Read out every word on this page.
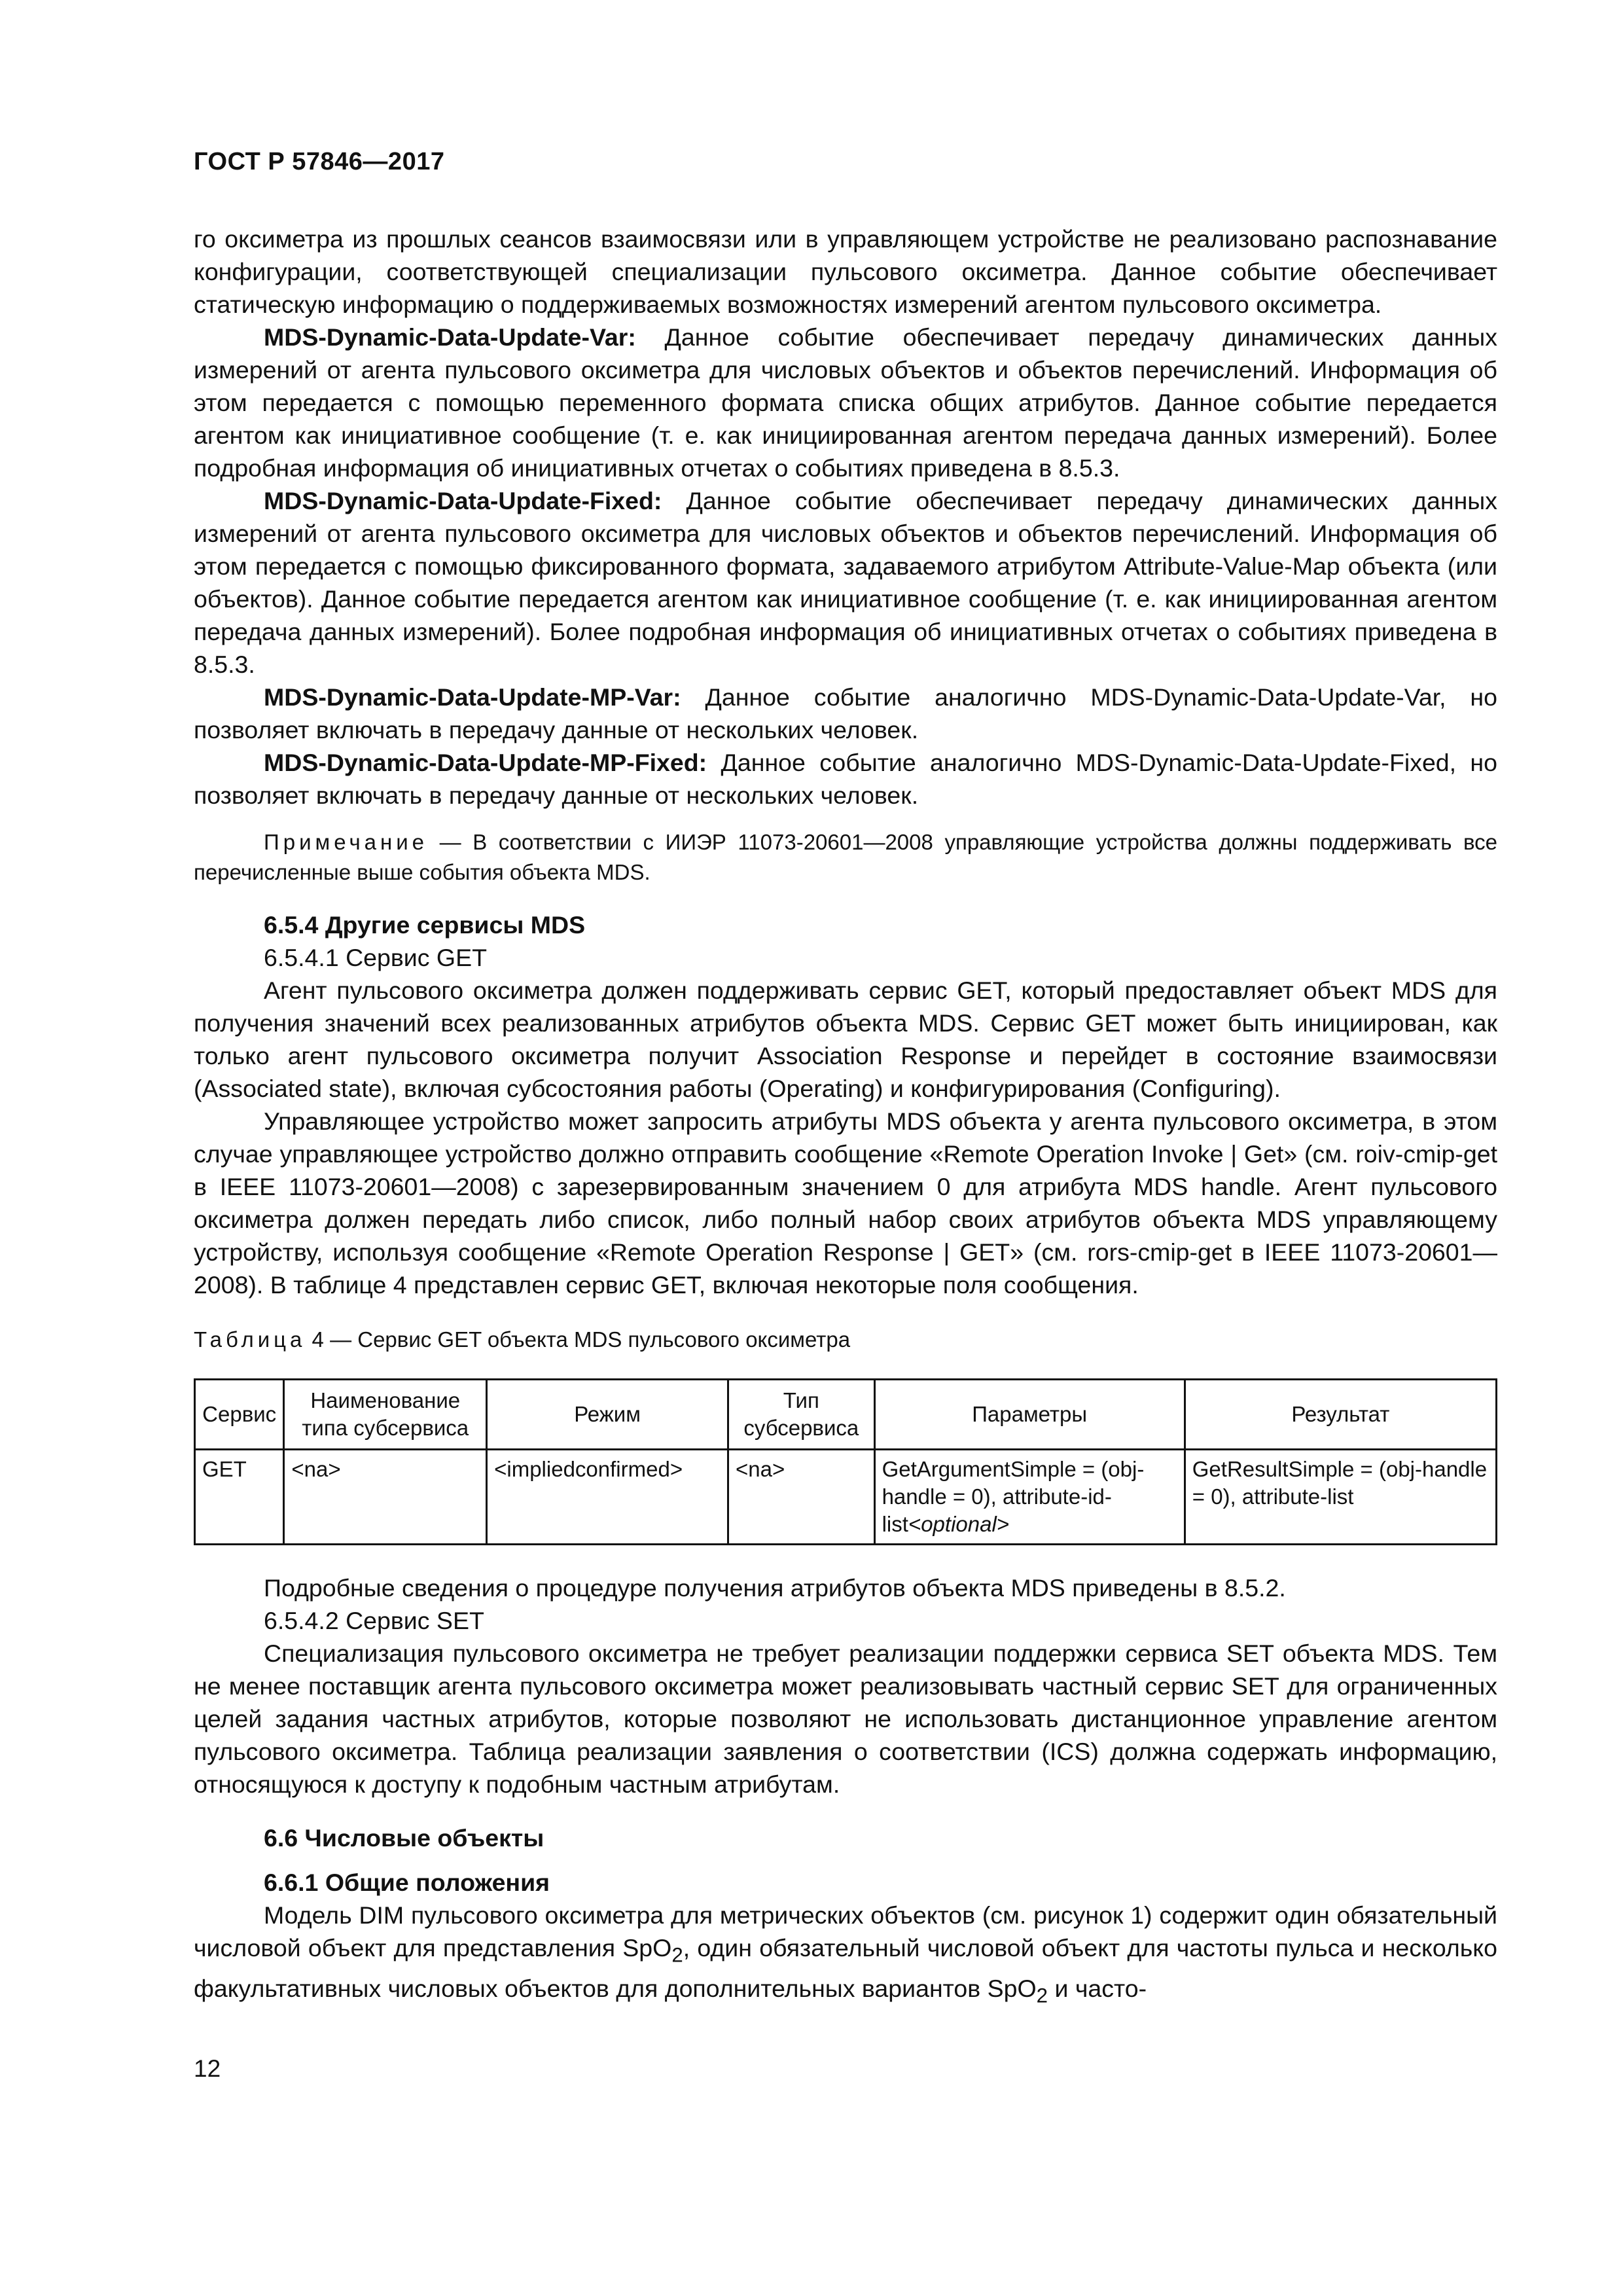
ГОСТ Р 57846—2017

го оксиметра из прошлых сеансов взаимосвязи или в управляющем устройстве не реализовано распознавание конфигурации, соответствующей специализации пульсового оксиметра. Данное событие обеспечивает статическую информацию о поддерживаемых возможностях измерений агентом пульсового оксиметра.

MDS-Dynamic-Data-Update-Var: Данное событие обеспечивает передачу динамических данных измерений от агента пульсового оксиметра для числовых объектов и объектов перечислений. Информация об этом передается с помощью переменного формата списка общих атрибутов. Данное событие передается агентом как инициативное сообщение (т. е. как инициированная агентом передача данных измерений). Более подробная информация об инициативных отчетах о событиях приведена в 8.5.3.

MDS-Dynamic-Data-Update-Fixed: Данное событие обеспечивает передачу динамических данных измерений от агента пульсового оксиметра для числовых объектов и объектов перечислений. Информация об этом передается с помощью фиксированного формата, задаваемого атрибутом Attribute-Value-Map объекта (или объектов). Данное событие передается агентом как инициативное сообщение (т. е. как инициированная агентом передача данных измерений). Более подробная информация об инициативных отчетах о событиях приведена в 8.5.3.

MDS-Dynamic-Data-Update-MP-Var: Данное событие аналогично MDS-Dynamic-Data-Update-Var, но позволяет включать в передачу данные от нескольких человек.

MDS-Dynamic-Data-Update-MP-Fixed: Данное событие аналогично MDS-Dynamic-Data-Update-Fixed, но позволяет включать в передачу данные от нескольких человек.

Примечание — В соответствии с ИИЭР 11073-20601—2008 управляющие устройства должны поддерживать все перечисленные выше события объекта MDS.

6.5.4 Другие сервисы MDS

6.5.4.1 Сервис GET

Агент пульсового оксиметра должен поддерживать сервис GET, который предоставляет объект MDS для получения значений всех реализованных атрибутов объекта MDS. Сервис GET может быть инициирован, как только агент пульсового оксиметра получит Association Response и перейдет в состояние взаимосвязи (Associated state), включая субсостояния работы (Operating) и конфигурирования (Configuring).

Управляющее устройство может запросить атрибуты MDS объекта у агента пульсового оксиметра, в этом случае управляющее устройство должно отправить сообщение «Remote Operation Invoke | Get» (см. roiv-cmip-get в IEEE 11073-20601—2008) с зарезервированным значением 0 для атрибута MDS handle. Агент пульсового оксиметра должен передать либо список, либо полный набор своих атрибутов объекта MDS управляющему устройству, используя сообщение «Remote Operation Response | GET» (см. rors-cmip-get в IEEE 11073-20601—2008). В таблице 4 представлен сервис GET, включая некоторые поля сообщения.

Таблица 4 — Сервис GET объекта MDS пульсового оксиметра

Сервис	Наименование типа субсервиса	Режим	Тип субсервиса	Параметры	Результат
GET	<na>	<impliedconfirmed>	<na>	GetArgumentSimple = (obj-handle = 0), attribute-id-list<optional>	GetResultSimple = (obj-handle = 0), attribute-list

Подробные сведения о процедуре получения атрибутов объекта MDS приведены в 8.5.2.

6.5.4.2 Сервис SET

Специализация пульсового оксиметра не требует реализации поддержки сервиса SET объекта MDS. Тем не менее поставщик агента пульсового оксиметра может реализовывать частный сервис SET для ограниченных целей задания частных атрибутов, которые позволяют не использовать дистанционное управление агентом пульсового оксиметра. Таблица реализации заявления о соответствии (ICS) должна содержать информацию, относящуюся к доступу к подобным частным атрибутам.

6.6 Числовые объекты

6.6.1 Общие положения

Модель DIM пульсового оксиметра для метрических объектов (см. рисунок 1) содержит один обязательный числовой объект для представления SpO$_2$, один обязательный числовой объект для частоты пульса и несколько факультативных числовых объектов для дополнительных вариантов SpO$_2$ и часто-

12
